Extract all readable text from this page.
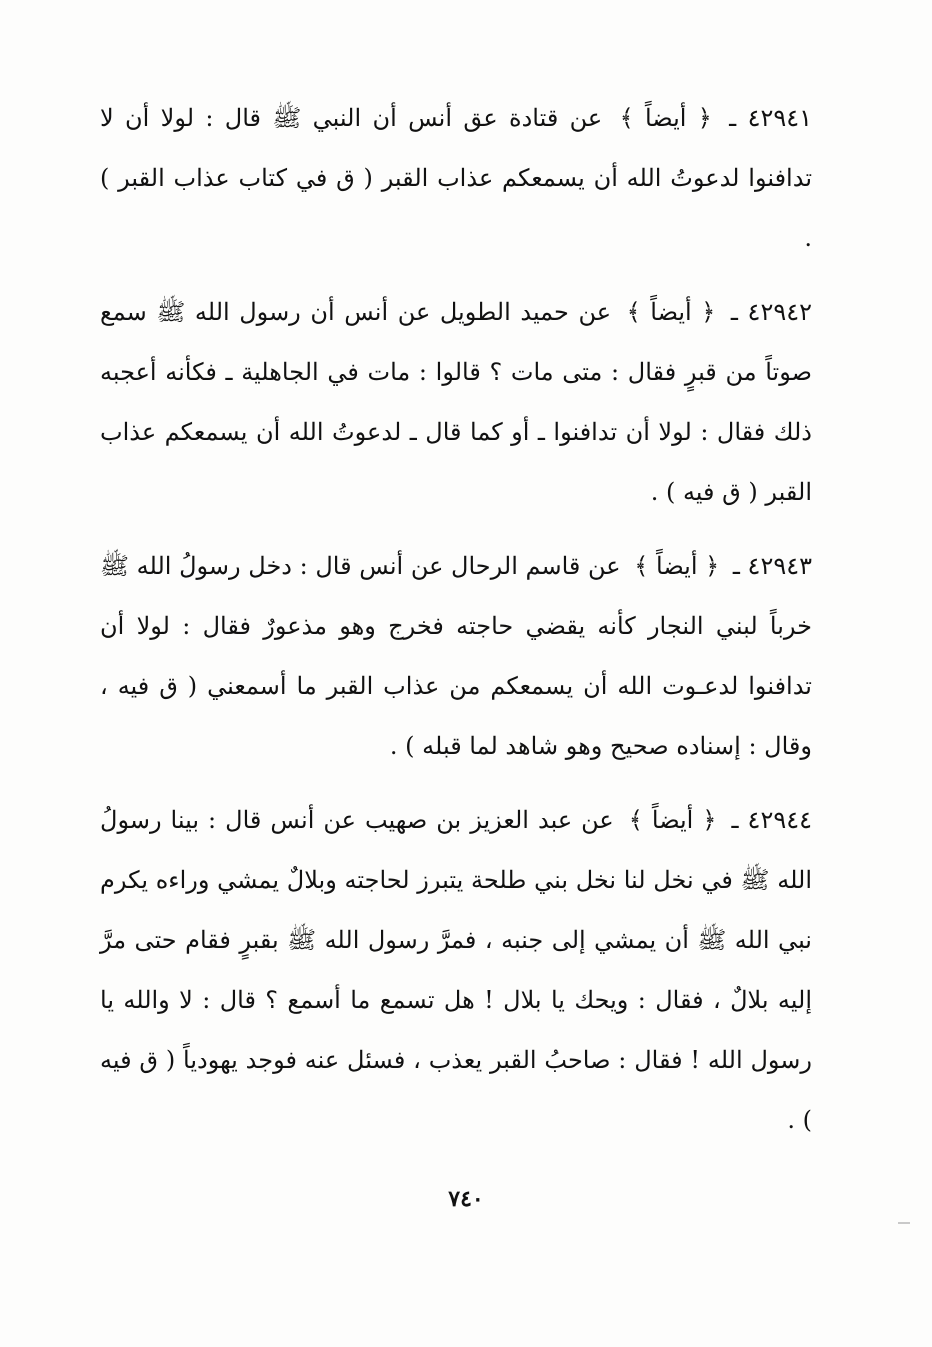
٤٢٩٤١ ـ ﴿ أيضاً ﴾ عن قتادة عق أنس أن النبي ﷺ قال : لولا أن لا تدافنوا لدعوتُ الله أن يسمعكم عذاب القبر ( ق في كتاب عذاب القبر ) .

٤٢٩٤٢ ـ ﴿ أيضاً ﴾ عن حميد الطويل عن أنس أن رسول الله ﷺ سمع صوتاً من قبرٍ فقال : متى مات ؟ قالوا : مات في الجاهلية ـ فكأنه أعجبه ذلك فقال : لولا أن تدافنوا ـ أو كما قال ـ لدعوتُ الله أن يسمعكم عذاب القبر ( ق فيه ) .

٤٢٩٤٣ ـ ﴿ أيضاً ﴾ عن قاسم الرحال عن أنس قال : دخل رسولُ الله ﷺ خرباً لبني النجار كأنه يقضي حاجته فخرج وهو مذعورٌ فقال : لولا أن تدافنوا لدعـوت الله أن يسمعكم من عذاب القبر ما أسمعني ( ق فيه ، وقال : إسناده صحيح وهو شاهد لما قبله ) .

٤٢٩٤٤ ـ ﴿ أيضاً ﴾ عن عبد العزيز بن صهيب عن أنس قال : بينا رسولُ الله ﷺ في نخل لنا نخل بني طلحة يتبرز لحاجته وبلالٌ يمشي وراءه يكرم نبي الله ﷺ أن يمشي إلى جنبه ، فمرَّ رسول الله ﷺ بقبرٍ فقام حتى مرَّ إليه بلالٌ ، فقال : ويحك يا بلال ! هل تسمع ما أسمع ؟ قال : لا والله يا رسول الله ! فقال : صاحبُ القبر يعذب ، فسئل عنه فوجد يهودياً ( ق فيه ) .

٧٤٠
